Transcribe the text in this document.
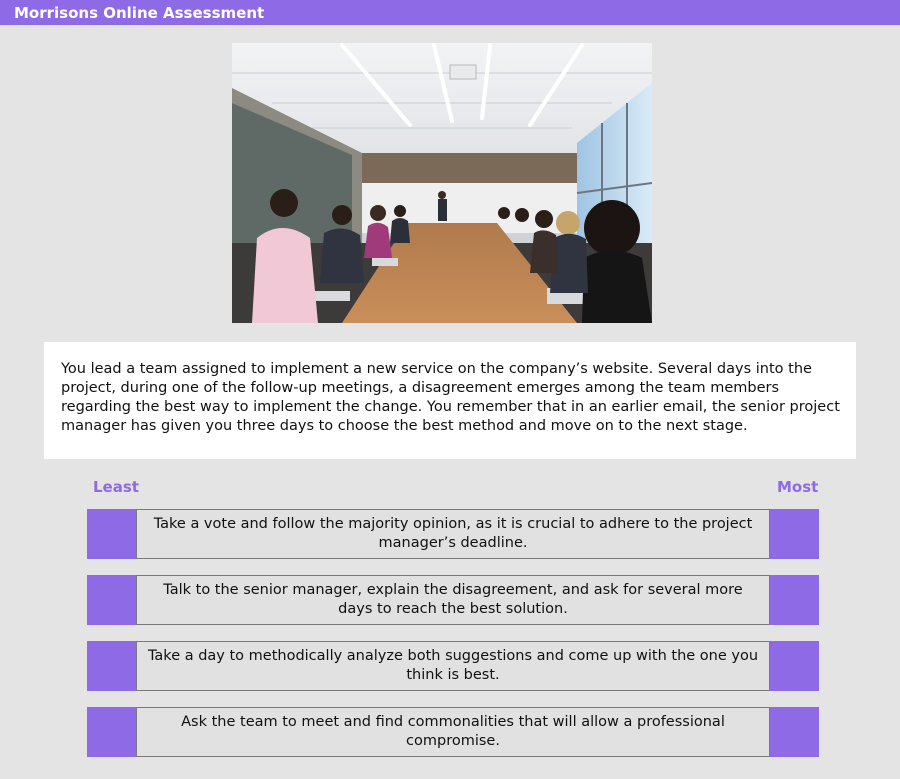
Morrisons Online Assessment
You lead a team assigned to implement a new service on the company’s website. Several days into the project, during one of the follow-up meetings, a disagreement emerges among the team members regarding the best way to implement the change. You remember that in an earlier email, the senior project manager has given you three days to choose the best method and move on to the next stage.
Least	Most
Take a vote and follow the majority opinion, as it is crucial to adhere to the project manager’s deadline.
Talk to the senior manager, explain the disagreement, and ask for several more days to reach the best solution.
Take a day to methodically analyze both suggestions and come up with the one you think is best.
Ask the team to meet and find commonalities that will allow a professional compromise.
